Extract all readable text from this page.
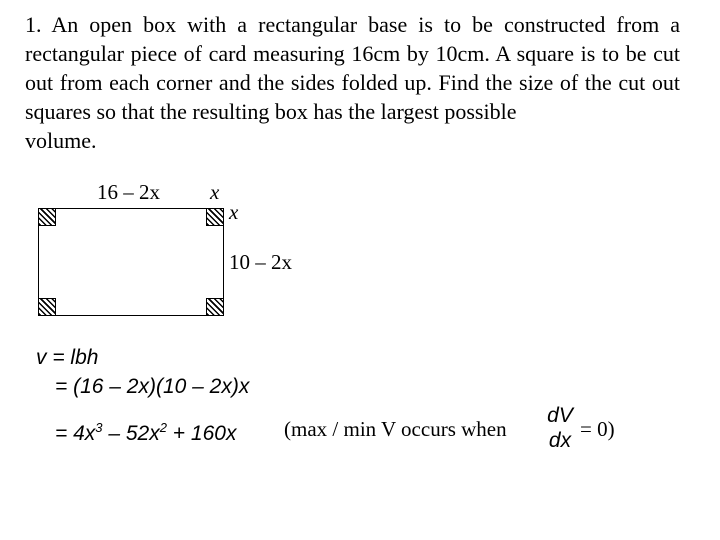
1. An open box with a rectangular base is to be constructed from a rectangular piece of card measuring 16cm by 10cm. A square is to be cut out from each corner and the sides folded up. Find the size of the cut out squares so that the resulting box has the largest possible
volume.
16 – 2x x
x
10 – 2x
v = lbh
= (16 – 2x)(10 – 2x)x
= $4x^3 - 52x^2 + 160x$ (max / min V occurs when
dV
dx = 0)
